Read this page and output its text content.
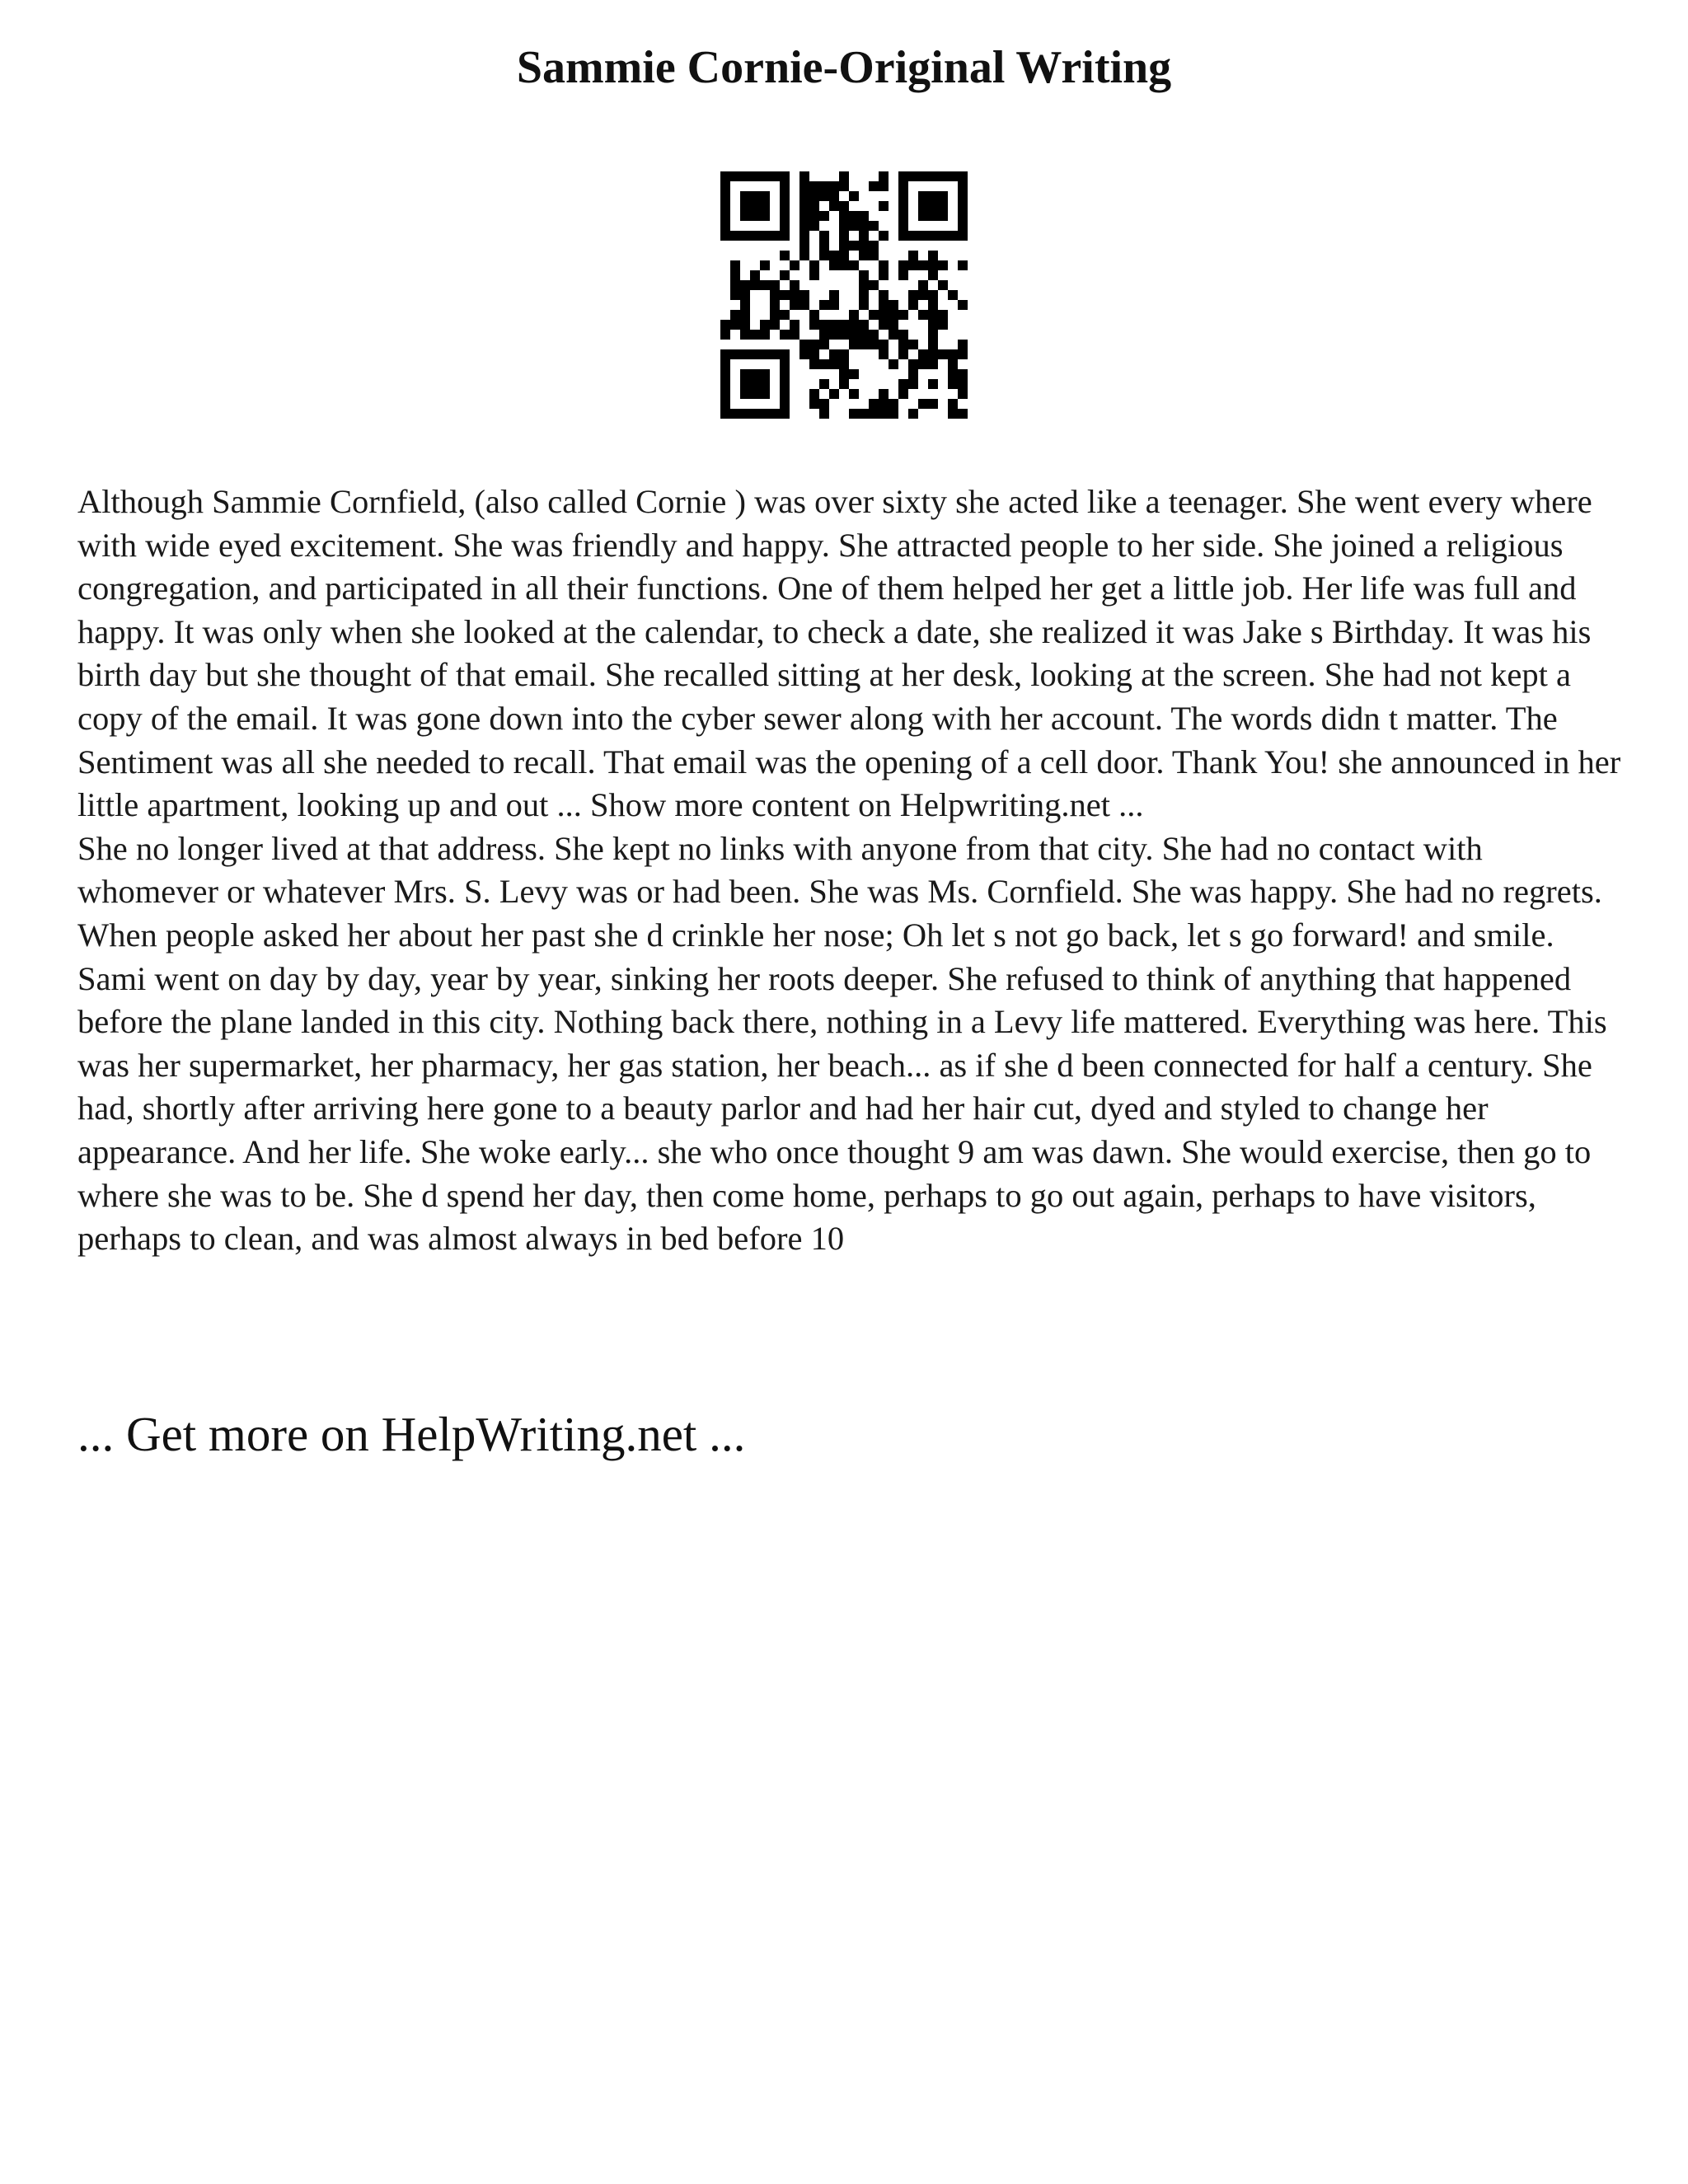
Sammie Cornie-Original Writing

Although Sammie Cornfield, (also called Cornie ) was over sixty she acted like a teenager. She went every where with wide eyed excitement. She was friendly and happy. She attracted people to her side. She joined a religious congregation, and participated in all their functions. One of them helped her get a little job. Her life was full and happy. It was only when she looked at the calendar, to check a date, she realized it was Jake s Birthday. It was his birth day but she thought of that email. She recalled sitting at her desk, looking at the screen. She had not kept a copy of the email. It was gone down into the cyber sewer along with her account. The words didn t matter. The Sentiment was all she needed to recall. That email was the opening of a cell door. Thank You! she announced in her little apartment, looking up and out ... Show more content on Helpwriting.net ...

She no longer lived at that address. She kept no links with anyone from that city. She had no contact with whomever or whatever Mrs. S. Levy was or had been. She was Ms. Cornfield. She was happy. She had no regrets. When people asked her about her past she d crinkle her nose; Oh let s not go back, let s go forward! and smile. Sami went on day by day, year by year, sinking her roots deeper. She refused to think of anything that happened before the plane landed in this city. Nothing back there, nothing in a Levy life mattered. Everything was here. This was her supermarket, her pharmacy, her gas station, her beach... as if she d been connected for half a century. She had, shortly after arriving here gone to a beauty parlor and had her hair cut, dyed and styled to change her appearance. And her life. She woke early... she who once thought 9 am was dawn. She would exercise, then go to where she was to be. She d spend her day, then come home, perhaps to go out again, perhaps to have visitors, perhaps to clean, and was almost always in bed before 10

... Get more on HelpWriting.net ...
